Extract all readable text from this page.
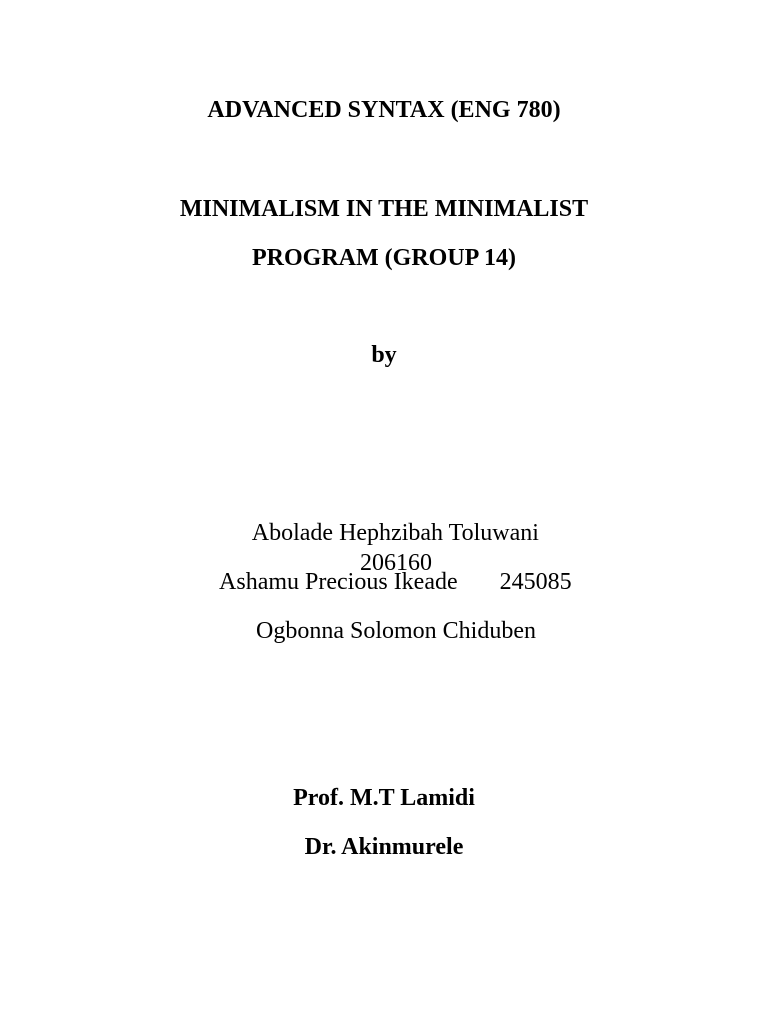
ADVANCED SYNTAX (ENG 780)
MINIMALISM IN THE MINIMALIST
PROGRAM (GROUP 14)
by

Abolade Hephzibah Toluwani
206160

Ashamu Precious Ikeade 245085

Ogbonna Solomon Chiduben

Prof. M.T Lamidi
Dr. Akinmurele
